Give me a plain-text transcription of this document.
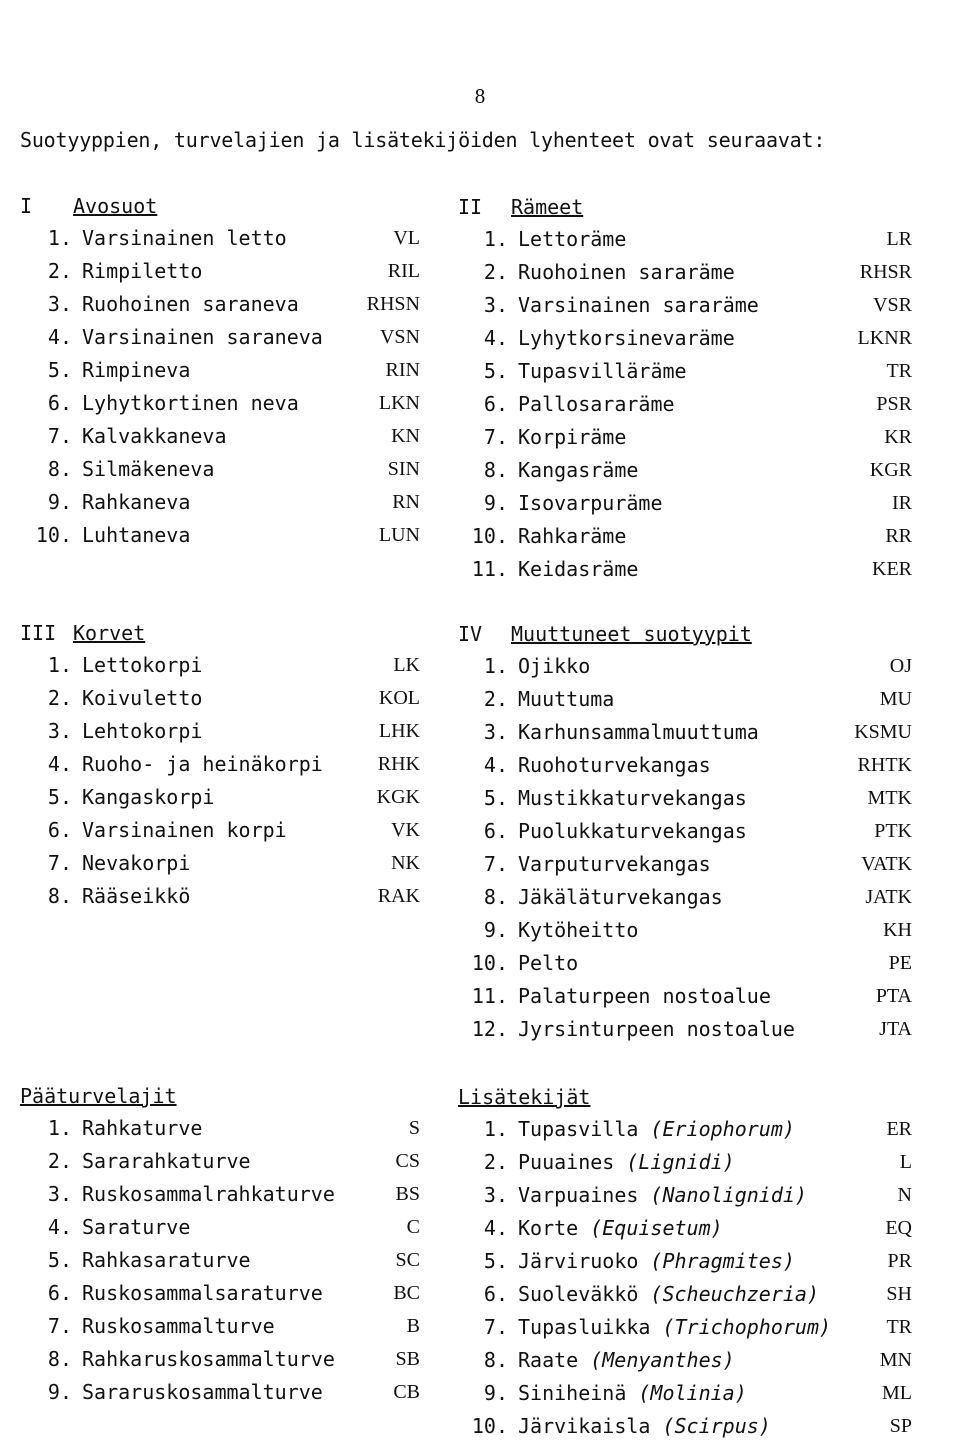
8
Suotyyppien, turvelajien ja lisätekijöiden lyhenteet ovat seuraavat:
I Avosuot
1. Varsinainen letto	VL
2. Rimpiletto	RIL
3. Ruohoinen saraneva	RHSN
4. Varsinainen saraneva	VSN
5. Rimpineva	RIN
6. Lyhytkortinen neva	LKN
7. Kalvakkaneva	KN
8. Silmäkeneva	SIN
9. Rahkaneva	RN
10. Luhtaneva	LUN
II Rämeet
1. Lettoräme	LR
2. Ruohoinen sararäme	RHSR
3. Varsinainen sararäme	VSR
4. Lyhytkorsinevaräme	LKNR
5. Tupasvilläräme	TR
6. Pallosararäme	PSR
7. Korpiräme	KR
8. Kangasräme	KGR
9. Isovarpuräme	IR
10. Rahkaräme	RR
11. Keidasräme	KER
III Korvet
1. Lettokorpi	LK
2. Koivuletto	KOL
3. Lehtokorpi	LHK
4. Ruoho- ja heinäkorpi	RHK
5. Kangaskorpi	KGK
6. Varsinainen korpi	VK
7. Nevakorpi	NK
8. Rääseikkö	RAK
IV Muuttuneet suotyypit
1. Ojikko	OJ
2. Muuttuma	MU
3. Karhunsammalmuuttuma	KSMU
4. Ruohoturvekangas	RHTK
5. Mustikkaturvekangas	MTK
6. Puolukkaturvekangas	PTK
7. Varputurvekangas	VATK
8. Jäkäläturvekangas	JATK
9. Kytöheitto	KH
10. Pelto	PE
11. Palaturpeen nostoalue	PTA
12. Jyrsinturpeen nostoalue	JTA
Pääturvelajit
1. Rahkaturve	S
2. Sararahkaturve	CS
3. Ruskosammalrahkaturve	BS
4. Saraturve	C
5. Rahkasaraturve	SC
6. Ruskosammalsaraturve	BC
7. Ruskosammalturve	B
8. Rahkaruskosammalturve	SB
9. Sararuskosammalturve	CB
Lisätekijät
1. Tupasvilla (Eriophorum)	ER
2. Puuaines (Lignidi)	L
3. Varpuaines (Nanolignidi)	N
4. Korte (Equisetum)	EQ
5. Järviruoko (Phragmites)	PR
6. Suoleväkkö (Scheuchzeria)	SH
7. Tupasluikka (Trichophorum)	TR
8. Raate (Menyanthes)	MN
9. Siniheinä (Molinia)	ML
10. Järvikaisla (Scirpus)	SP
